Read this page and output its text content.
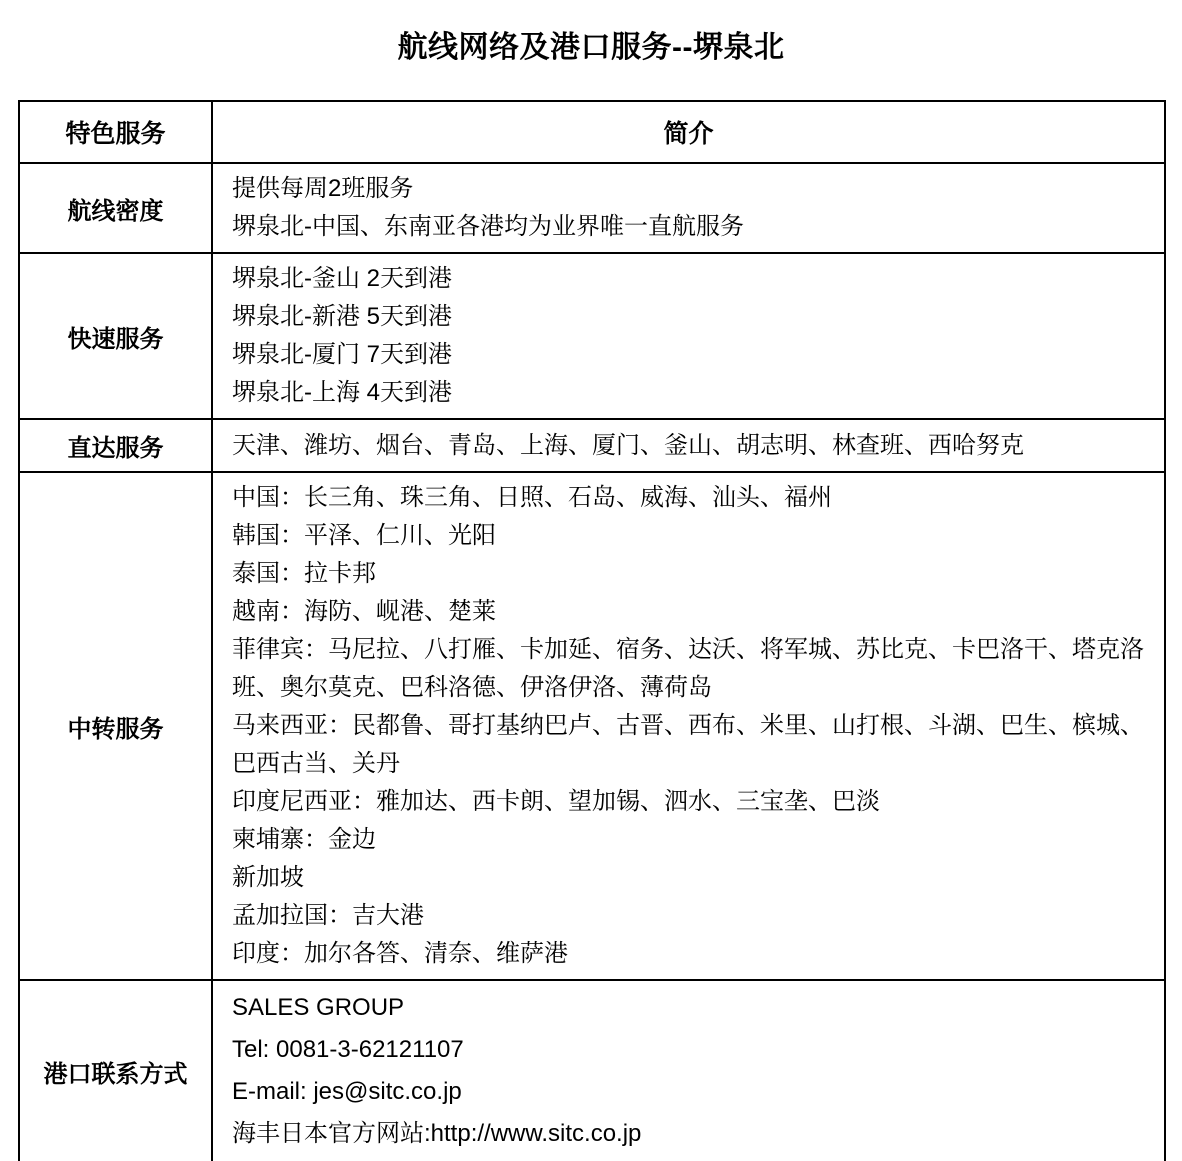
航线网络及港口服务--堺泉北
特色服务	简介
航线密度	提供每周2班服务
堺泉北-中国、东南亚各港均为业界唯一直航服务

快速服务	堺泉北-釜山 2天到港
堺泉北-新港 5天到港
堺泉北-厦门 7天到港
堺泉北-上海 4天到港

直达服务	天津、潍坊、烟台、青岛、上海、厦门、釜山、胡志明、林查班、西哈努克

中转服务	
中国：长三角、珠三角、日照、石岛、威海、汕头、福州
韩国：平泽、仁川、光阳
泰国：拉卡邦
越南：海防、岘港、楚莱
菲律宾：马尼拉、八打雁、卡加延、宿务、达沃、将军城、苏比克、卡巴洛干、塔克洛班、奥尔莫克、巴科洛德、伊洛伊洛、薄荷岛
马来西亚：民都鲁、哥打基纳巴卢、古晋、西布、米里、山打根、斗湖、巴生、槟城、巴西古当、关丹
印度尼西亚：雅加达、西卡朗、望加锡、泗水、三宝垄、巴淡
柬埔寨：金边
新加坡
孟加拉国：吉大港
印度：加尔各答、清奈、维萨港

港口联系方式	SALES GROUP
Tel: 0081-3-62121107
E-mail: jes@sitc.co.jp
海丰日本官方网站:http://www.sitc.co.jp
